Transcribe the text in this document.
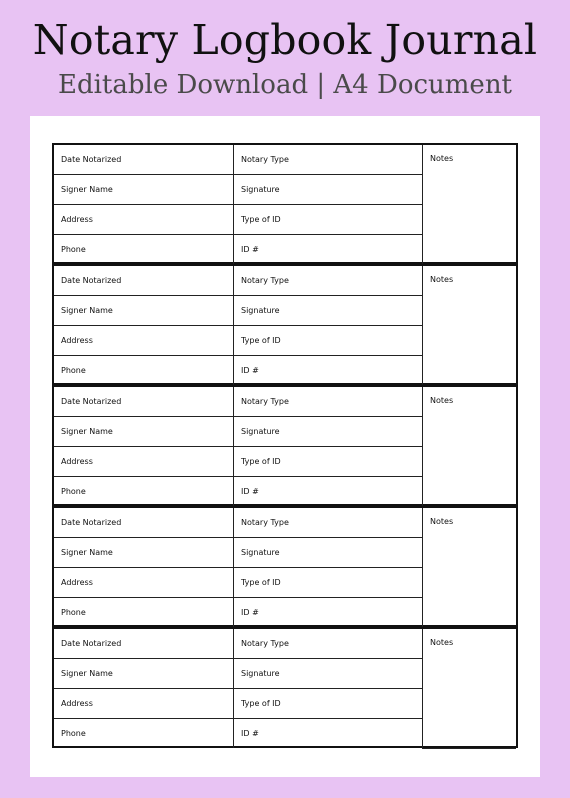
Notary Logbook Journal
Editable Download | A4 Document
Date Notarized	Notary Type	Notes
Signer Name	Signature	
Address	Type of ID	
Phone	ID #	
Date Notarized	Notary Type	Notes
Signer Name	Signature	
Address	Type of ID	
Phone	ID #	
Date Notarized	Notary Type	Notes
Signer Name	Signature	
Address	Type of ID	
Phone	ID #	
Date Notarized	Notary Type	Notes
Signer Name	Signature	
Address	Type of ID	
Phone	ID #	
Date Notarized	Notary Type	Notes
Signer Name	Signature	
Address	Type of ID	
Phone	ID #	
